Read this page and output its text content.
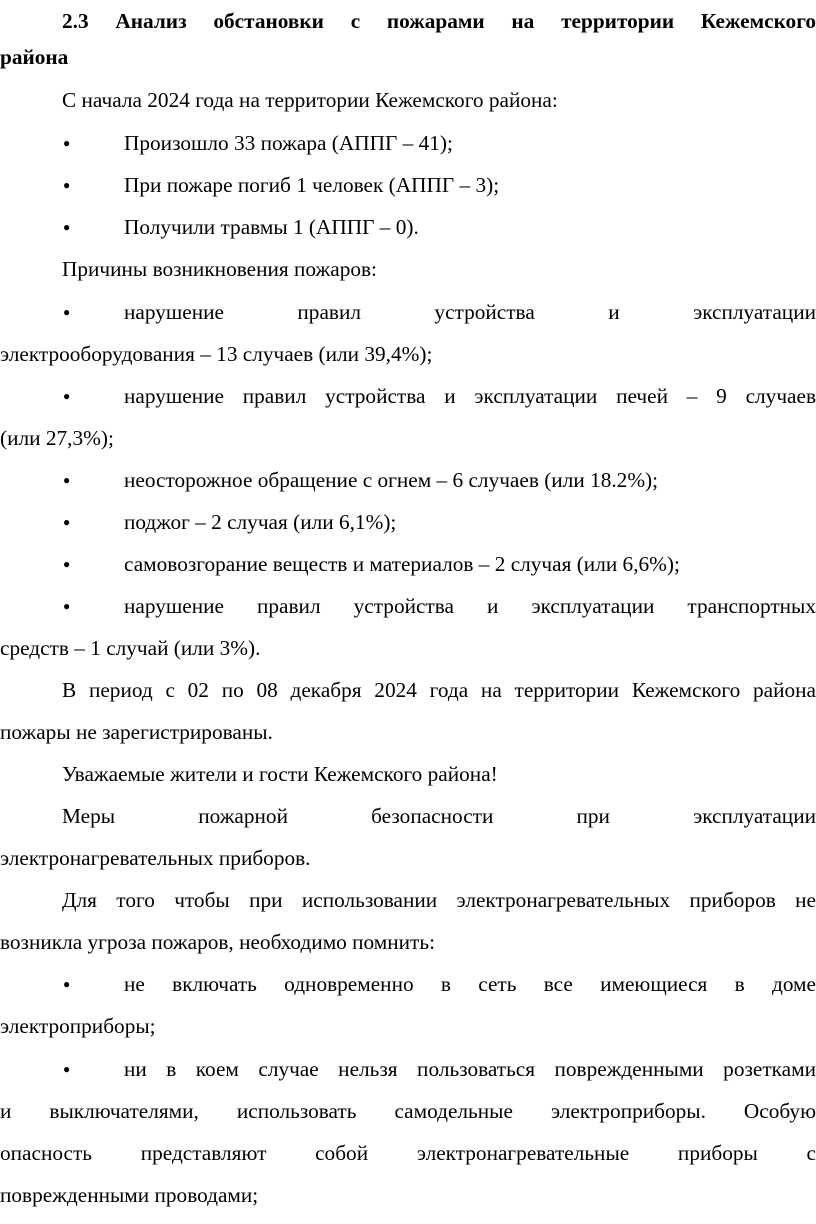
2.3 Анализ обстановки с пожарами на территории Кежемского
района
С начала 2024 года на территории Кежемского района:
●	Произошло 33 пожара (АППГ – 41);
●	При пожаре погиб 1 человек (АППГ – 3);
●	Получили травмы 1 (АППГ – 0).
Причины возникновения пожаров:
●	нарушение правил устройства и эксплуатации
электрооборудования – 13 случаев (или 39,4%);
●	нарушение правил устройства и эксплуатации печей – 9 случаев
(или 27,3%);
●	неосторожное обращение с огнем – 6 случаев (или 18.2%);
●	поджог – 2 случая (или 6,1%);
●	самовозгорание веществ и материалов – 2 случая (или 6,6%);
●	нарушение правил устройства и эксплуатации транспортных
средств – 1 случай (или 3%).
В период с 02 по 08 декабря 2024 года на территории Кежемского района
пожары не зарегистрированы.
Уважаемые жители и гости Кежемского района!
Меры пожарной безопасности при эксплуатации
электронагревательных приборов.
Для того чтобы при использовании электронагревательных приборов не
возникла угроза пожаров, необходимо помнить:
●	не включать одновременно в сеть все имеющиеся в доме
электроприборы;
●	ни в коем случае нельзя пользоваться поврежденными розетками
и выключателями, использовать самодельные электроприборы. Особую
опасность представляют собой электронагревательные приборы с
поврежденными проводами;
